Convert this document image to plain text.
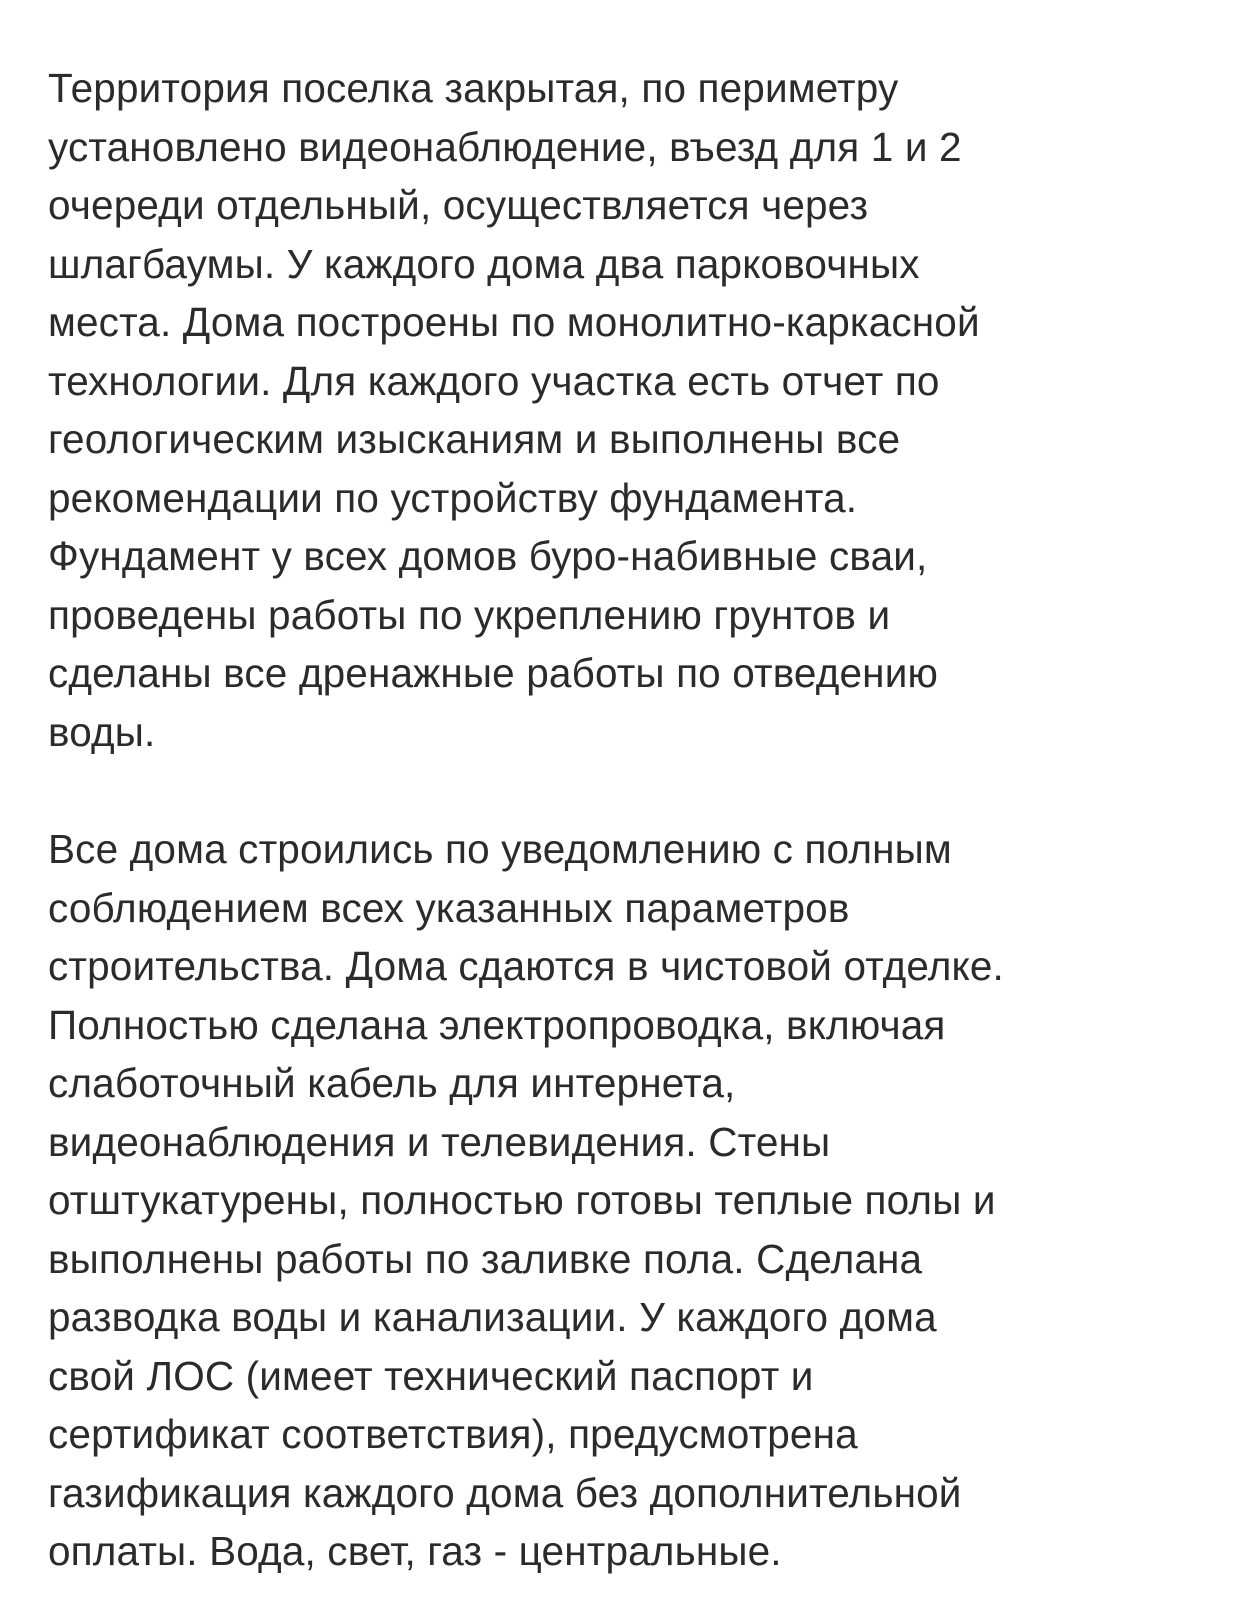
Территория поселка закрытая, по периметру
установлено видеонаблюдение, въезд для 1 и 2
очереди отдельный, осуществляется через
шлагбаумы. У каждого дома два парковочных
места. Дома построены по монолитно-каркасной
технологии. Для каждого участка есть отчет по
геологическим изысканиям и выполнены все
рекомендации по устройству фундамента.
Фундамент у всех домов буро-набивные сваи,
проведены работы по укреплению грунтов и
сделаны все дренажные работы по отведению
воды.
Все дома строились по уведомлению с полным
соблюдением всех указанных параметров
строительства. Дома сдаются в чистовой отделке.
Полностью сделана электропроводка, включая
слаботочный кабель для интернета,
видеонаблюдения и телевидения. Стены
отштукатурены, полностью готовы теплые полы и
выполнены работы по заливке пола. Сделана
разводка воды и канализации. У каждого дома
свой ЛОС (имеет технический паспорт и
сертификат соответствия), предусмотрена
газификация каждого дома без дополнительной
оплаты. Вода, свет, газ - центральные.
